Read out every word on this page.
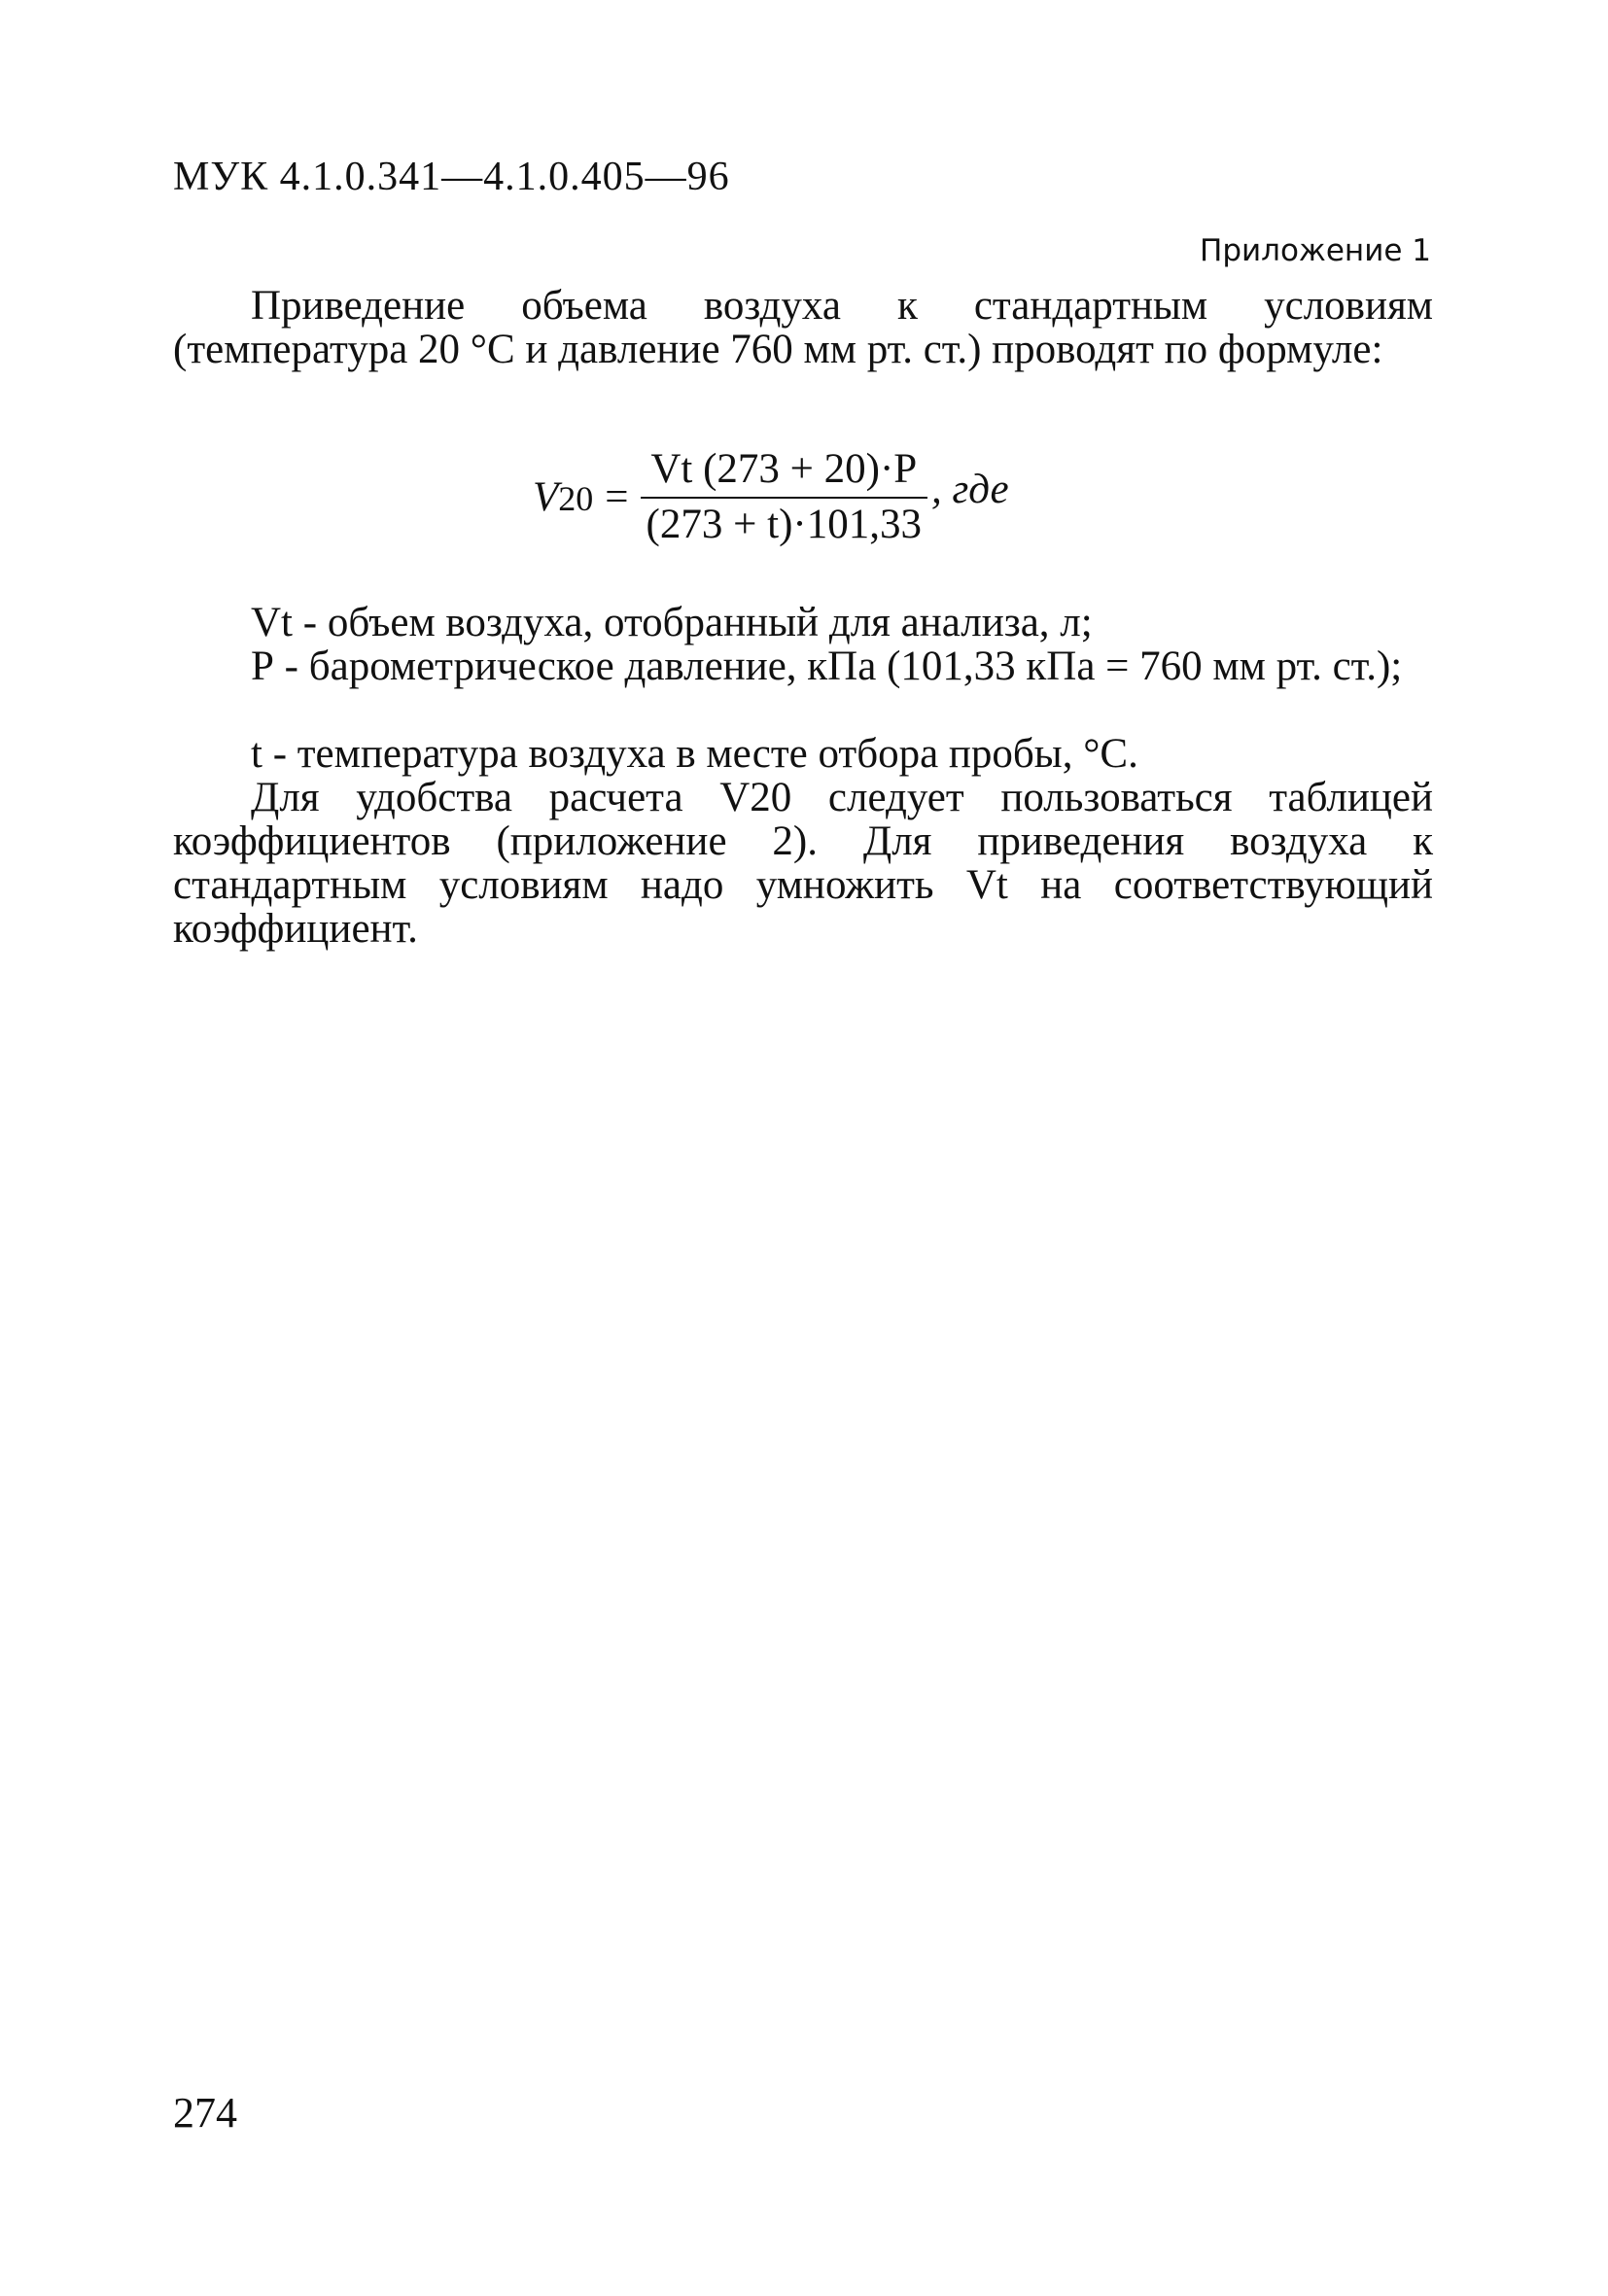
МУК 4.1.0.341—4.1.0.405—96
Приложение 1
Приведение объема воздуха к стандартным условиям (температура 20 °С и давление 760 мм рт. ст.) проводят по формуле:
$V20 = \frac{Vt (273 + 20)\cdot P}{(273 + t)\cdot 101,33}$ , где
Vt - объем воздуха, отобранный для анализа, л;
Р - барометрическое давление, кПа (101,33 кПа = 760 мм рт. ст.);
t - температура воздуха в месте отбора пробы, °С.
Для удобства расчета V20 следует пользоваться таблицей коэффициентов (приложение 2). Для приведения воздуха к стандартным условиям надо умножить Vt на соответствующий коэффициент.
274
